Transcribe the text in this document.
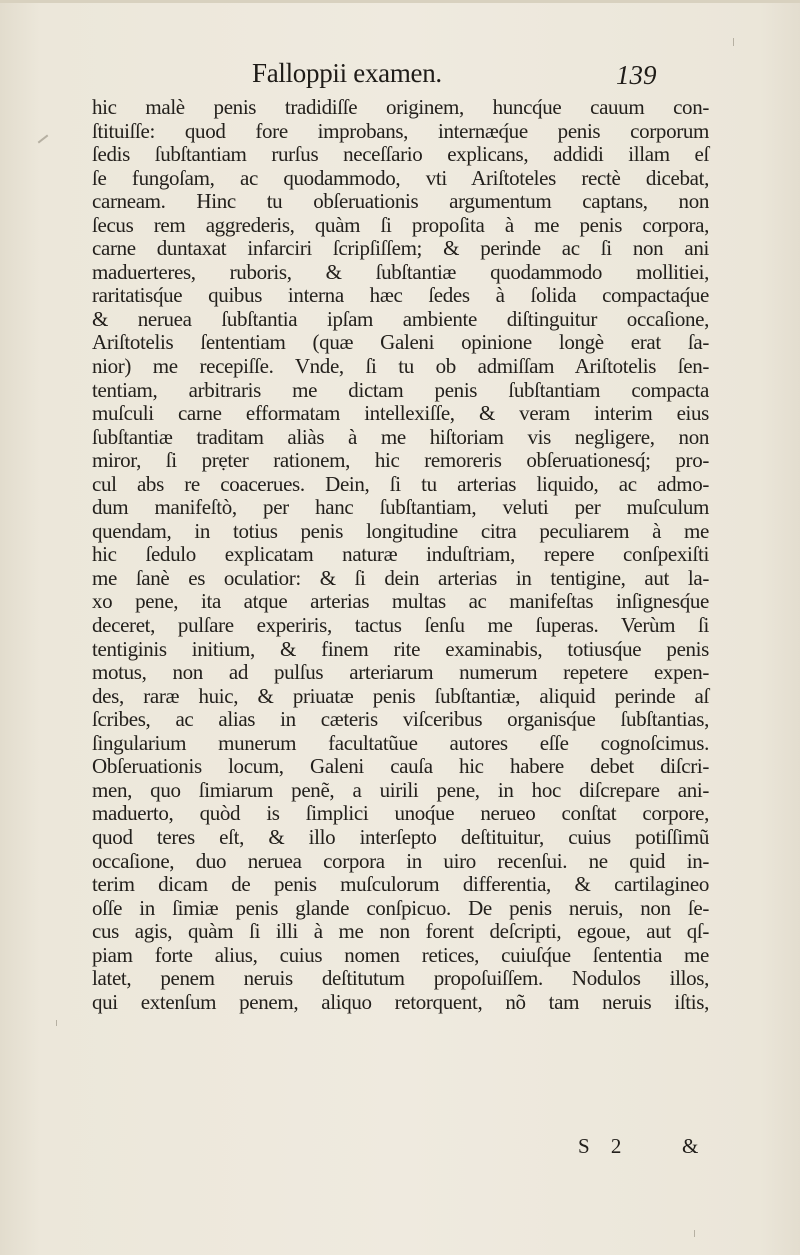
Falloppii examen.	139
hic malè penis tradidiſſe originem, huncq́ue cauum con-
ſtituiſſe: quod fore improbans, internæq́ue penis corporum
ſedis ſubſtantiam rurſus neceſſario explicans, addidi illam eſ
ſe fungoſam, ac quodammodo, vti Ariſtoteles rectè dicebat,
carneam. Hinc tu obſeruationis argumentum captans, non
ſecus rem aggrederis, quàm ſi propoſita à me penis corpora,
carne duntaxat infarciri ſcripſiſſem; & perinde ac ſi non ani
maduerteres, ruboris, & ſubſtantiæ quodammodo mollitiei,
raritatisq́ue quibus interna hæc ſedes à ſolida compactaq́ue
& neruea ſubſtantia ipſam ambiente diſtinguitur occaſione,
Ariſtotelis ſententiam (quæ Galeni opinione longè erat ſa-
nior) me recepiſſe. Vnde, ſi tu ob admiſſam Ariſtotelis ſen-
tentiam, arbitraris me dictam penis ſubſtantiam compacta
muſculi carne efformatam intellexiſſe, & veram interim eius
ſubſtantiæ traditam aliàs à me hiſtoriam vis negligere, non
miror, ſi prẹter rationem, hic remoreris obſeruationesq́; pro-
cul abs re coacerues. Dein, ſi tu arterias liquido, ac admo-
dum manifeſtò, per hanc ſubſtantiam, veluti per muſculum
quendam, in totius penis longitudine citra peculiarem à me
hic ſedulo explicatam naturæ induſtriam, repere conſpexiſti
me ſanè es oculatior: & ſi dein arterias in tentigine, aut la-
xo pene, ita atque arterias multas ac manifeſtas inſignesq́ue
deceret, pulſare experiris, tactus ſenſu me ſuperas. Verùm ſi
tentiginis initium, & finem rite examinabis, totiusq́ue penis
motus, non ad pulſus arteriarum numerum repetere expen-
des, raræ huic, & priuatæ penis ſubſtantiæ, aliquid perinde aſ
ſcribes, ac alias in cæteris viſceribus organisq́ue ſubſtantias,
ſingularium munerum facultatũue autores eſſe cognoſcimus.
Obſeruationis locum, Galeni cauſa hic habere debet diſcri-
men, quo ſimiarum penẽ, a uirili pene, in hoc diſcrepare ani-
maduerto, quòd is ſimplici unoq́ue nerueo conſtat corpore,
quod teres eſt, & illo interſepto deſtituitur, cuius potiſſimũ
occaſione, duo neruea corpora in uiro recenſui. ne quid in-
terim dicam de penis muſculorum differentia, & cartilagineo
oſſe in ſimiæ penis glande conſpicuo. De penis neruis, non ſe-
cus agis, quàm ſi illi à me non forent deſcripti, egoue, aut qſ-
piam forte alius, cuius nomen retices, cuiuſq́ue ſententia me
latet, penem neruis deſtitutum propoſuiſſem. Nodulos illos,
qui extenſum penem, aliquo retorquent, nõ tam neruis iſtis,
S 2	&
